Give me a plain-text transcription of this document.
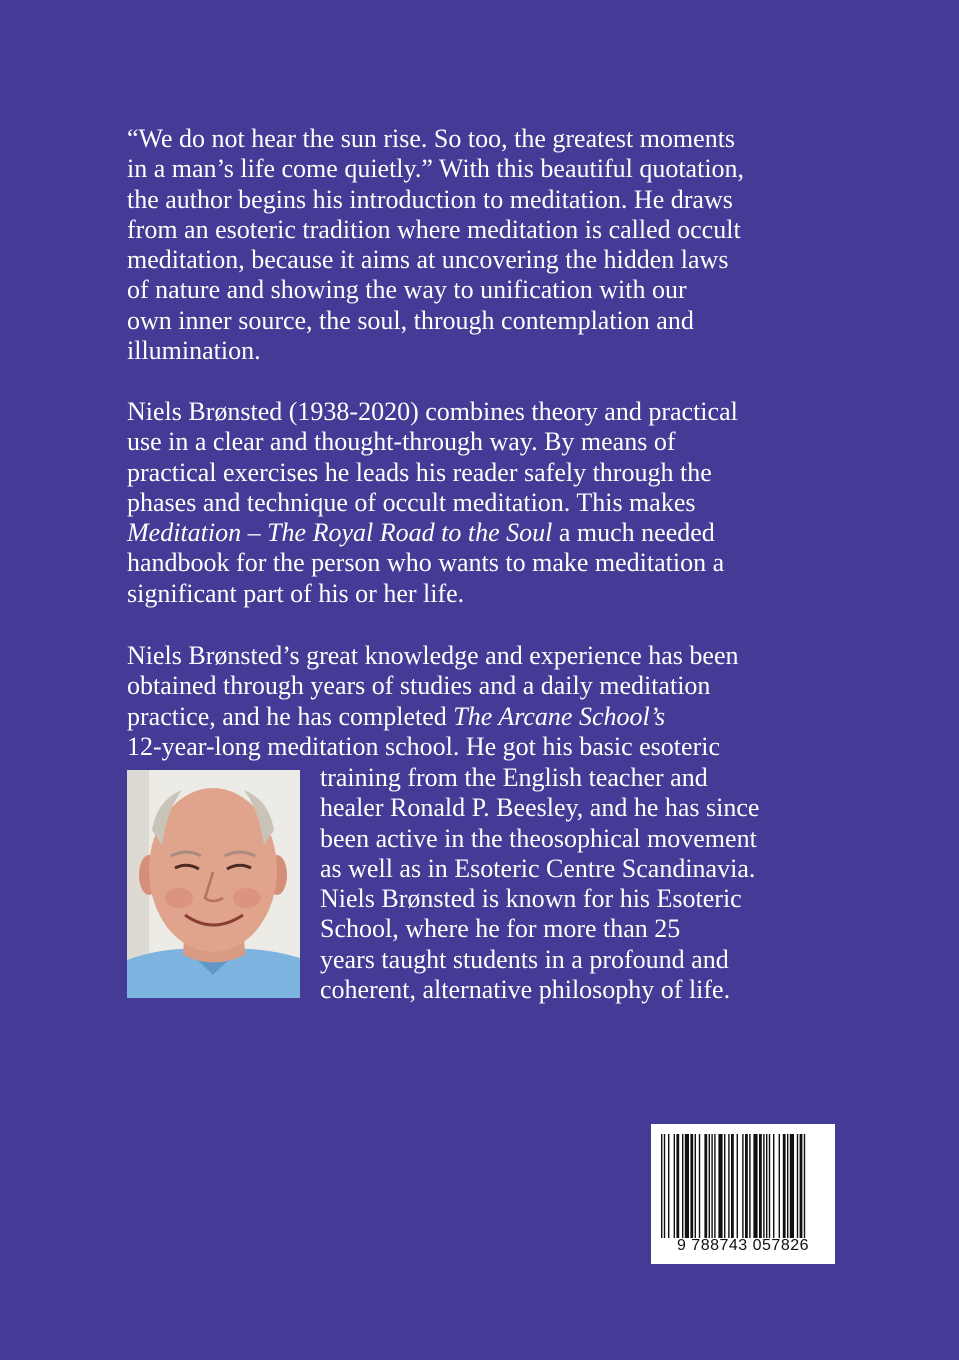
“We do not hear the sun rise. So too, the greatest moments
in a man’s life come quietly.” With this beautiful quotation,
the author begins his introduction to meditation. He draws
from an esoteric tradition where meditation is called occult
meditation, because it aims at uncovering the hidden laws
of nature and showing the way to unification with our
own inner source, the soul, through contemplation and
illumination.
Niels Brønsted (1938-2020) combines theory and practical
use in a clear and thought-through way. By means of
practical exercises he leads his reader safely through the
phases and technique of occult meditation. This makes
Meditation – The Royal Road to the Soul a much needed
handbook for the person who wants to make meditation a
significant part of his or her life.
Niels Brønsted’s great knowledge and experience has been
obtained through years of studies and a daily meditation
practice, and he has completed The Arcane School’s
12-year-long meditation school. He got his basic esoteric
training from the English teacher and
healer Ronald P. Beesley, and he has since
been active in the theosophical movement
as well as in Esoteric Centre Scandinavia.
Niels Brønsted is known for his Esoteric
School, where he for more than 25
years taught students in a profound and
coherent, alternative philosophy of life.
9 788743 057826
